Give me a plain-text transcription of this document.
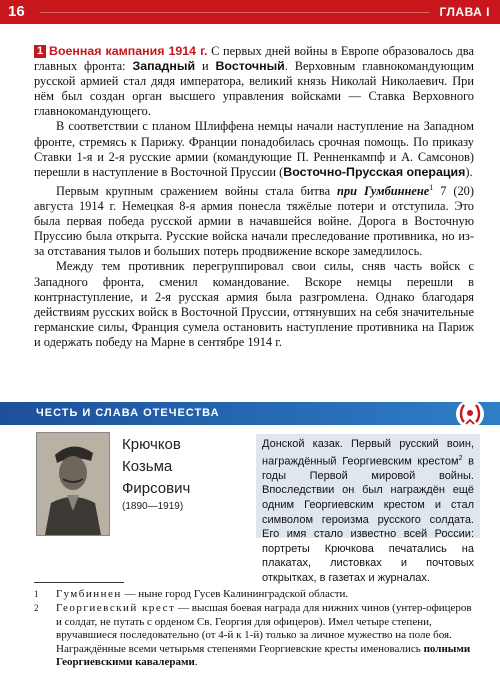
16	ГЛАВА I

1 Военная кампания 1914 г. С первых дней войны в Европе образовалось два главных фронта: Западный и Восточный. Верховным главнокомандующим русской армией стал дядя императора, великий князь Николай Николаевич. При нём был создан орган высшего управления войсками — Ставка Верховного главнокомандующего.

В соответствии с планом Шлиффена немцы начали наступление на Западном фронте, стремясь к Парижу. Франции понадобилась срочная помощь. По приказу Ставки 1-я и 2-я русские армии (командующие П. Ренненкампф и А. Самсонов) перешли в наступление в Восточной Пруссии (Восточно-Прусская операция).

Первым крупным сражением войны стала битва при Гумбиннене$^1$ 7 (20) августа 1914 г. Немецкая 8-я армия понесла тяжёлые потери и отступила. Это была первая победа русской армии в начавшейся войне. Дорога в Восточную Пруссию была открыта. Русские войска начали преследование противника, но из-за отставания тылов и больших потерь продвижение вскоре замедлилось.

Между тем противник перегруппировал свои силы, сняв часть войск с Западного фронта, сменил командование. Вскоре немцы перешли в контрнаступление, и 2-я русская армия была разгромлена. Однако благодаря действиям русских войск в Восточной Пруссии, оттянувших на себя значительные германские силы, Франция сумела остановить наступление противника на Париж и одержать победу на Марне в сентябре 1914 г.

ЧЕСТЬ И СЛАВА ОТЕЧЕСТВА
Крючков
Козьма
Фирсович
(1890—1919)
Донской казак. Первый русский воин, награждённый Георгиевским крестом$^2$ в годы Первой мировой войны. Впоследствии он был награждён ещё одним Георгиевским крестом и стал символом героизма русского солдата. Его имя стало известно всей России: портреты Крючкова печатались на плакатах, листовках и почтовых открытках, в газетах и журналах.
1 Гумбиннен — ныне город Гусев Калининградской области.
2 Георгиевский крест — высшая боевая награда для нижних чинов (унтер-офицеров и солдат, не путать с орденом Св. Георгия для офицеров). Имел четыре степени, вручавшиеся последовательно (от 4-й к 1-й) только за личное мужество на поле боя. Награждённые всеми четырьмя степенями Георгиевские кресты именовались полными Георгиевскими кавалерами.
